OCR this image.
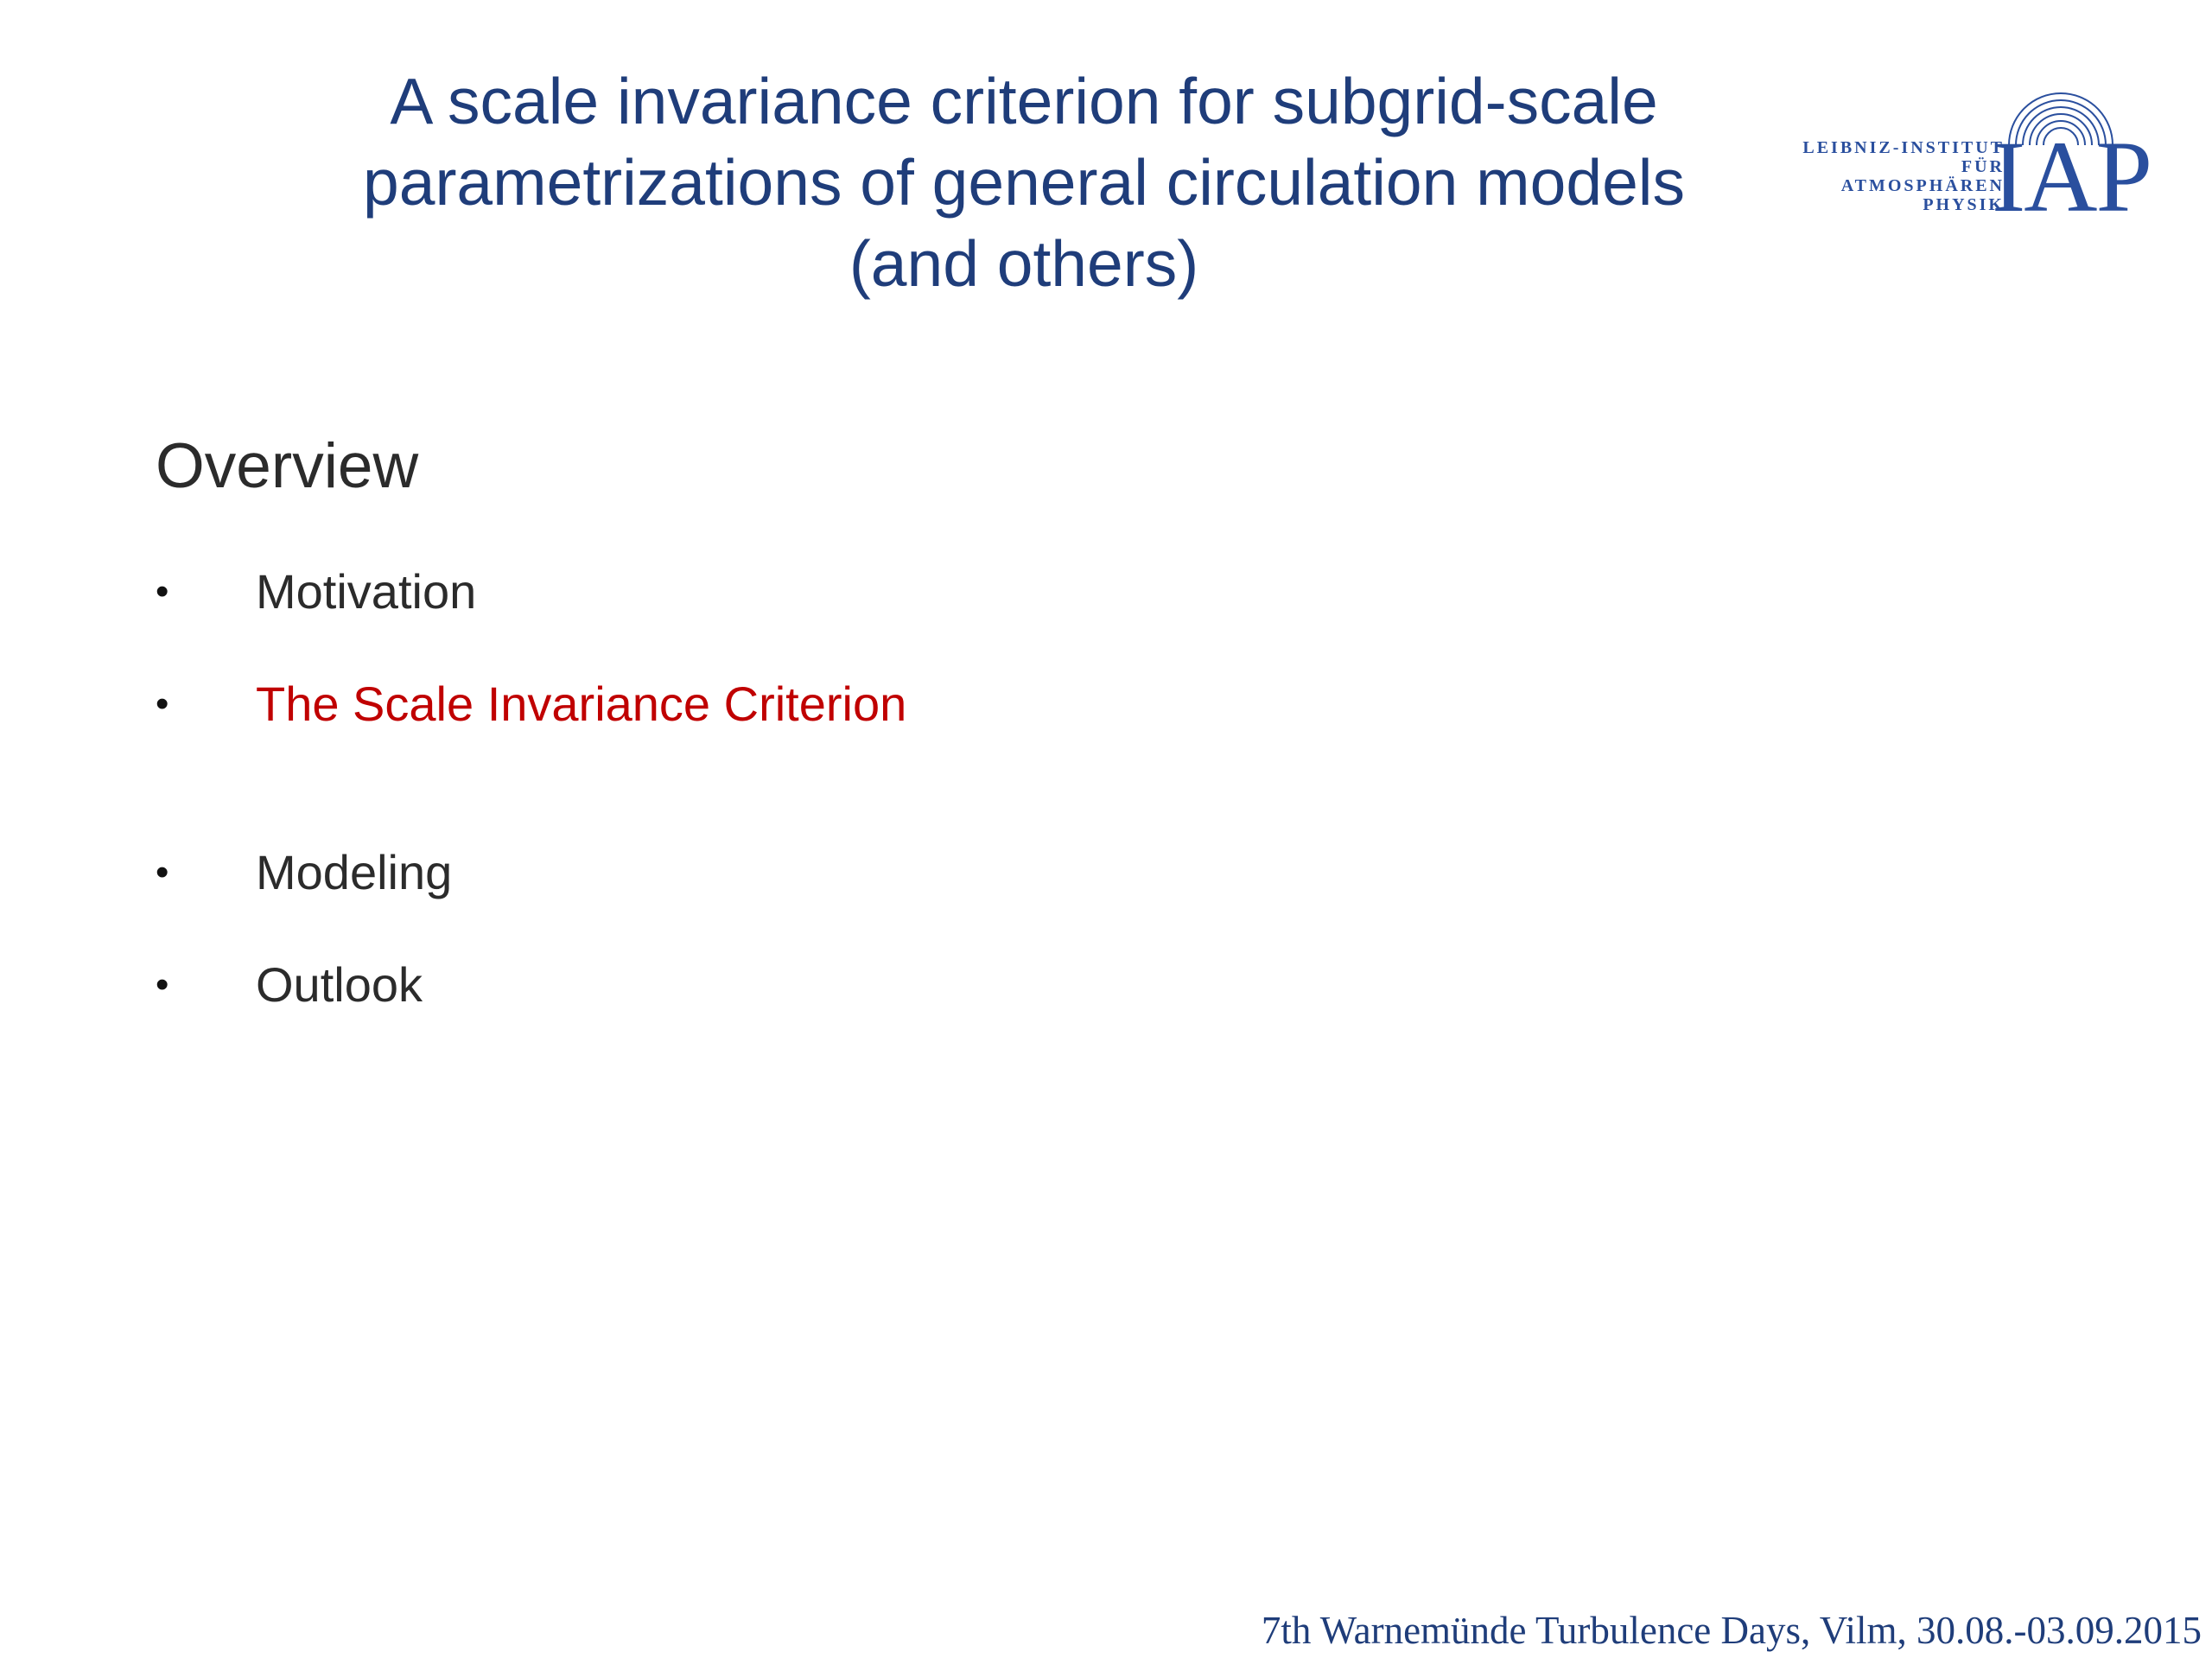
A scale invariance criterion for subgrid-scale
parametrizations of general circulation models
(and others)
LEIBNIZ-INSTITUT
FÜR
ATMOSPHÄREN
PHYSIK
IAP
Overview
•	Motivation
•	The Scale Invariance Criterion
•	Modeling
•	Outlook
7th Warnemünde Turbulence Days, Vilm, 30.08.-03.09.2015
